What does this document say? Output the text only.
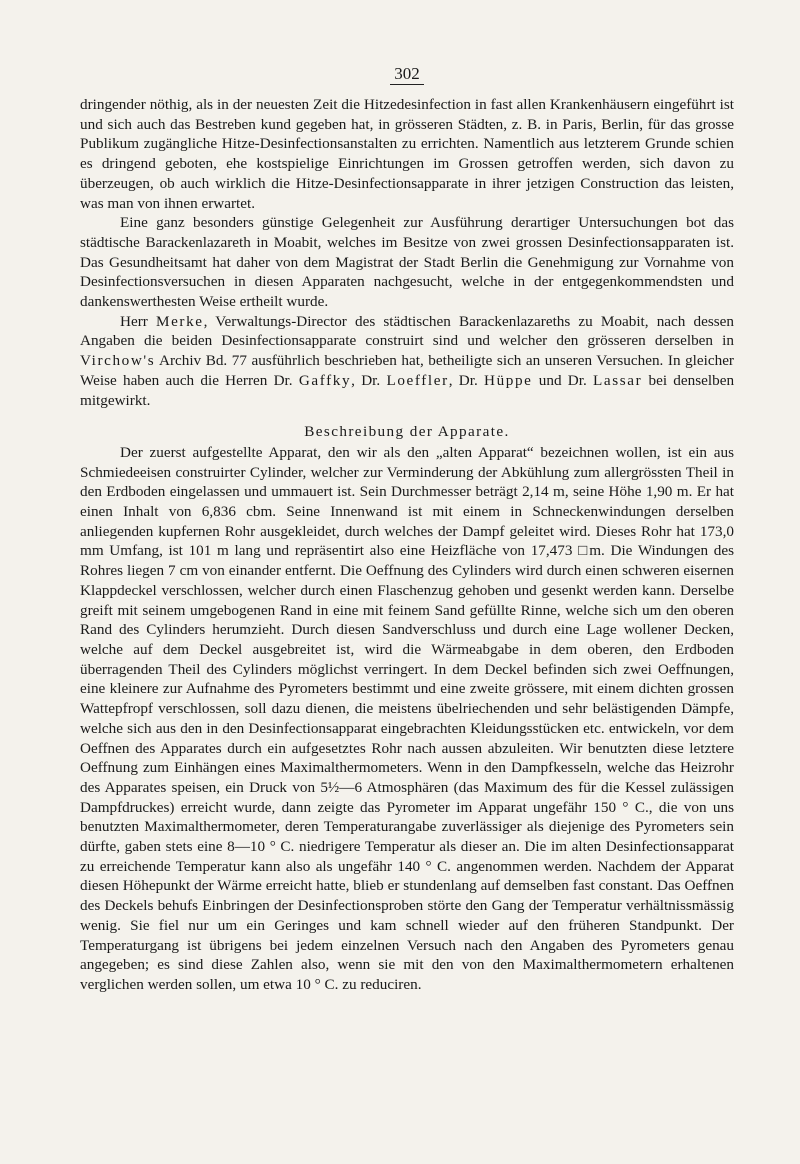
302

dringender nöthig, als in der neuesten Zeit die Hitzedesinfection in fast allen Krankenhäusern eingeführt ist und sich auch das Bestreben kund gegeben hat, in grösseren Städten, z. B. in Paris, Berlin, für das grosse Publikum zugängliche Hitze-Desinfectionsanstalten zu errichten. Namentlich aus letzterem Grunde schien es dringend geboten, ehe kostspielige Einrichtungen im Grossen getroffen werden, sich davon zu überzeugen, ob auch wirklich die Hitze-Desinfectionsapparate in ihrer jetzigen Construction das leisten, was man von ihnen erwartet.

Eine ganz besonders günstige Gelegenheit zur Ausführung derartiger Untersuchungen bot das städtische Barackenlazareth in Moabit, welches im Besitze von zwei grossen Desinfectionsapparaten ist. Das Gesundheitsamt hat daher von dem Magistrat der Stadt Berlin die Genehmigung zur Vornahme von Desinfectionsversuchen in diesen Apparaten nachgesucht, welche in der entgegenkommendsten und dankenswerthesten Weise ertheilt wurde.

Herr Merke, Verwaltungs-Director des städtischen Barackenlazareths zu Moabit, nach dessen Angaben die beiden Desinfectionsapparate construirt sind und welcher den grösseren derselben in Virchow's Archiv Bd. 77 ausführlich beschrieben hat, betheiligte sich an unseren Versuchen. In gleicher Weise haben auch die Herren Dr. Gaffky, Dr. Loeffler, Dr. Hüppe und Dr. Lassar bei denselben mitgewirkt.

Beschreibung der Apparate.

Der zuerst aufgestellte Apparat, den wir als den „alten Apparat“ bezeichnen wollen, ist ein aus Schmiedeeisen construirter Cylinder, welcher zur Verminderung der Abkühlung zum allergrössten Theil in den Erdboden eingelassen und ummauert ist. Sein Durchmesser beträgt 2,14 m, seine Höhe 1,90 m. Er hat einen Inhalt von 6,836 cbm. Seine Innenwand ist mit einem in Schneckenwindungen derselben anliegenden kupfernen Rohr ausgekleidet, durch welches der Dampf geleitet wird. Dieses Rohr hat 173,0 mm Umfang, ist 101 m lang und repräsentirt also eine Heizfläche von 17,473 □m. Die Windungen des Rohres liegen 7 cm von einander entfernt. Die Oeffnung des Cylinders wird durch einen schweren eisernen Klappdeckel verschlossen, welcher durch einen Flaschenzug gehoben und gesenkt werden kann. Derselbe greift mit seinem umgebogenen Rand in eine mit feinem Sand gefüllte Rinne, welche sich um den oberen Rand des Cylinders herumzieht. Durch diesen Sandverschluss und durch eine Lage wollener Decken, welche auf dem Deckel ausgebreitet ist, wird die Wärmeabgabe in dem oberen, den Erdboden überragenden Theil des Cylinders möglichst verringert. In dem Deckel befinden sich zwei Oeffnungen, eine kleinere zur Aufnahme des Pyrometers bestimmt und eine zweite grössere, mit einem dichten grossen Wattepfropf verschlossen, soll dazu dienen, die meistens übelriechenden und sehr belästigenden Dämpfe, welche sich aus den in den Desinfectionsapparat eingebrachten Kleidungsstücken etc. entwickeln, vor dem Oeffnen des Apparates durch ein aufgesetztes Rohr nach aussen abzuleiten. Wir benutzten diese letztere Oeffnung zum Einhängen eines Maximalthermometers. Wenn in den Dampfkesseln, welche das Heizrohr des Apparates speisen, ein Druck von 5½—6 Atmosphären (das Maximum des für die Kessel zulässigen Dampfdruckes) erreicht wurde, dann zeigte das Pyrometer im Apparat ungefähr 150 ° C., die von uns benutzten Maximalthermometer, deren Temperaturangabe zuverlässiger als diejenige des Pyrometers sein dürfte, gaben stets eine 8—10 ° C. niedrigere Temperatur als dieser an. Die im alten Desinfectionsapparat zu erreichende Temperatur kann also als ungefähr 140 ° C. angenommen werden. Nachdem der Apparat diesen Höhepunkt der Wärme erreicht hatte, blieb er stundenlang auf demselben fast constant. Das Oeffnen des Deckels behufs Einbringen der Desinfectionsproben störte den Gang der Temperatur verhältnissmässig wenig. Sie fiel nur um ein Geringes und kam schnell wieder auf den früheren Standpunkt. Der Temperaturgang ist übrigens bei jedem einzelnen Versuch nach den Angaben des Pyrometers genau angegeben; es sind diese Zahlen also, wenn sie mit den von den Maximalthermometern erhaltenen verglichen werden sollen, um etwa 10 ° C. zu reduciren.
